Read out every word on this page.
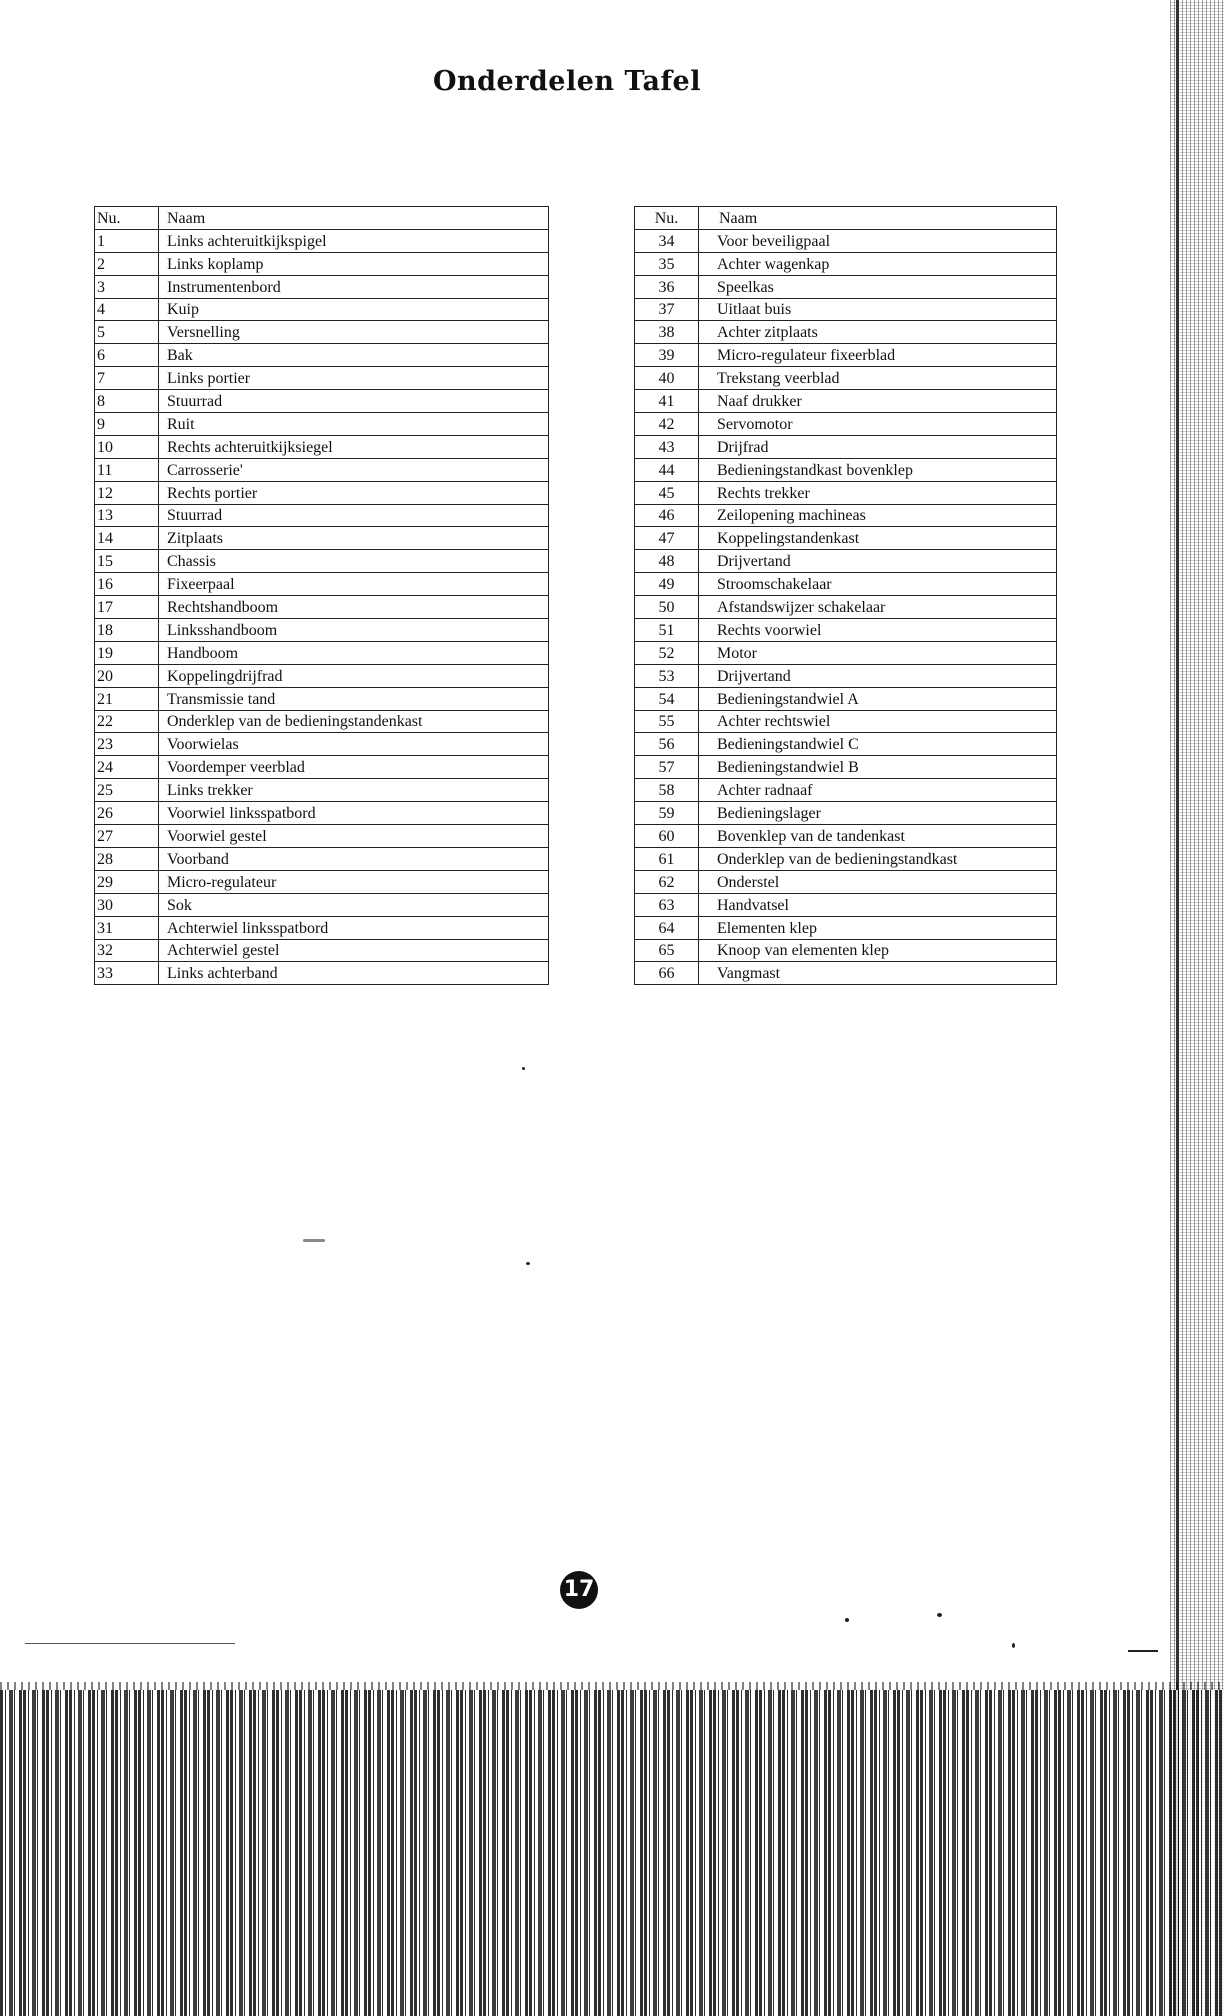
Onderdelen Tafel
Nu.	Naam
1	Links achteruitkijkspigel
2	Links koplamp
3	Instrumentenbord
4	Kuip
5	Versnelling
6	Bak
7	Links portier
8	Stuurrad
9	Ruit
10	Rechts achteruitkijksiegel
11	Carrosserie'
12	Rechts portier
13	Stuurrad
14	Zitplaats
15	Chassis
16	Fixeerpaal
17	Rechtshandboom
18	Linksshandboom
19	Handboom
20	Koppelingdrijfrad
21	Transmissie tand
22	Onderklep van de bedieningstandenkast
23	Voorwielas
24	Voordemper veerblad
25	Links trekker
26	Voorwiel linksspatbord
27	Voorwiel gestel
28	Voorband
29	Micro-regulateur
30	Sok
31	Achterwiel linksspatbord
32	Achterwiel gestel
33	Links achterband
Nu.	Naam
34	Voor beveiligpaal
35	Achter wagenkap
36	Speelkas
37	Uitlaat buis
38	Achter zitplaats
39	Micro-regulateur fixeerblad
40	Trekstang veerblad
41	Naaf drukker
42	Servomotor
43	Drijfrad
44	Bedieningstandkast bovenklep
45	Rechts trekker
46	Zeilopening machineas
47	Koppelingstandenkast
48	Drijvertand
49	Stroomschakelaar
50	Afstandswijzer schakelaar
51	Rechts voorwiel
52	Motor
53	Drijvertand
54	Bedieningstandwiel A
55	Achter rechtswiel
56	Bedieningstandwiel C
57	Bedieningstandwiel B
58	Achter radnaaf
59	Bedieningslager
60	Bovenklep van de tandenkast
61	Onderklep van de bedieningstandkast
62	Onderstel
63	Handvatsel
64	Elementen klep
65	Knoop van elementen klep
66	Vangmast
17
